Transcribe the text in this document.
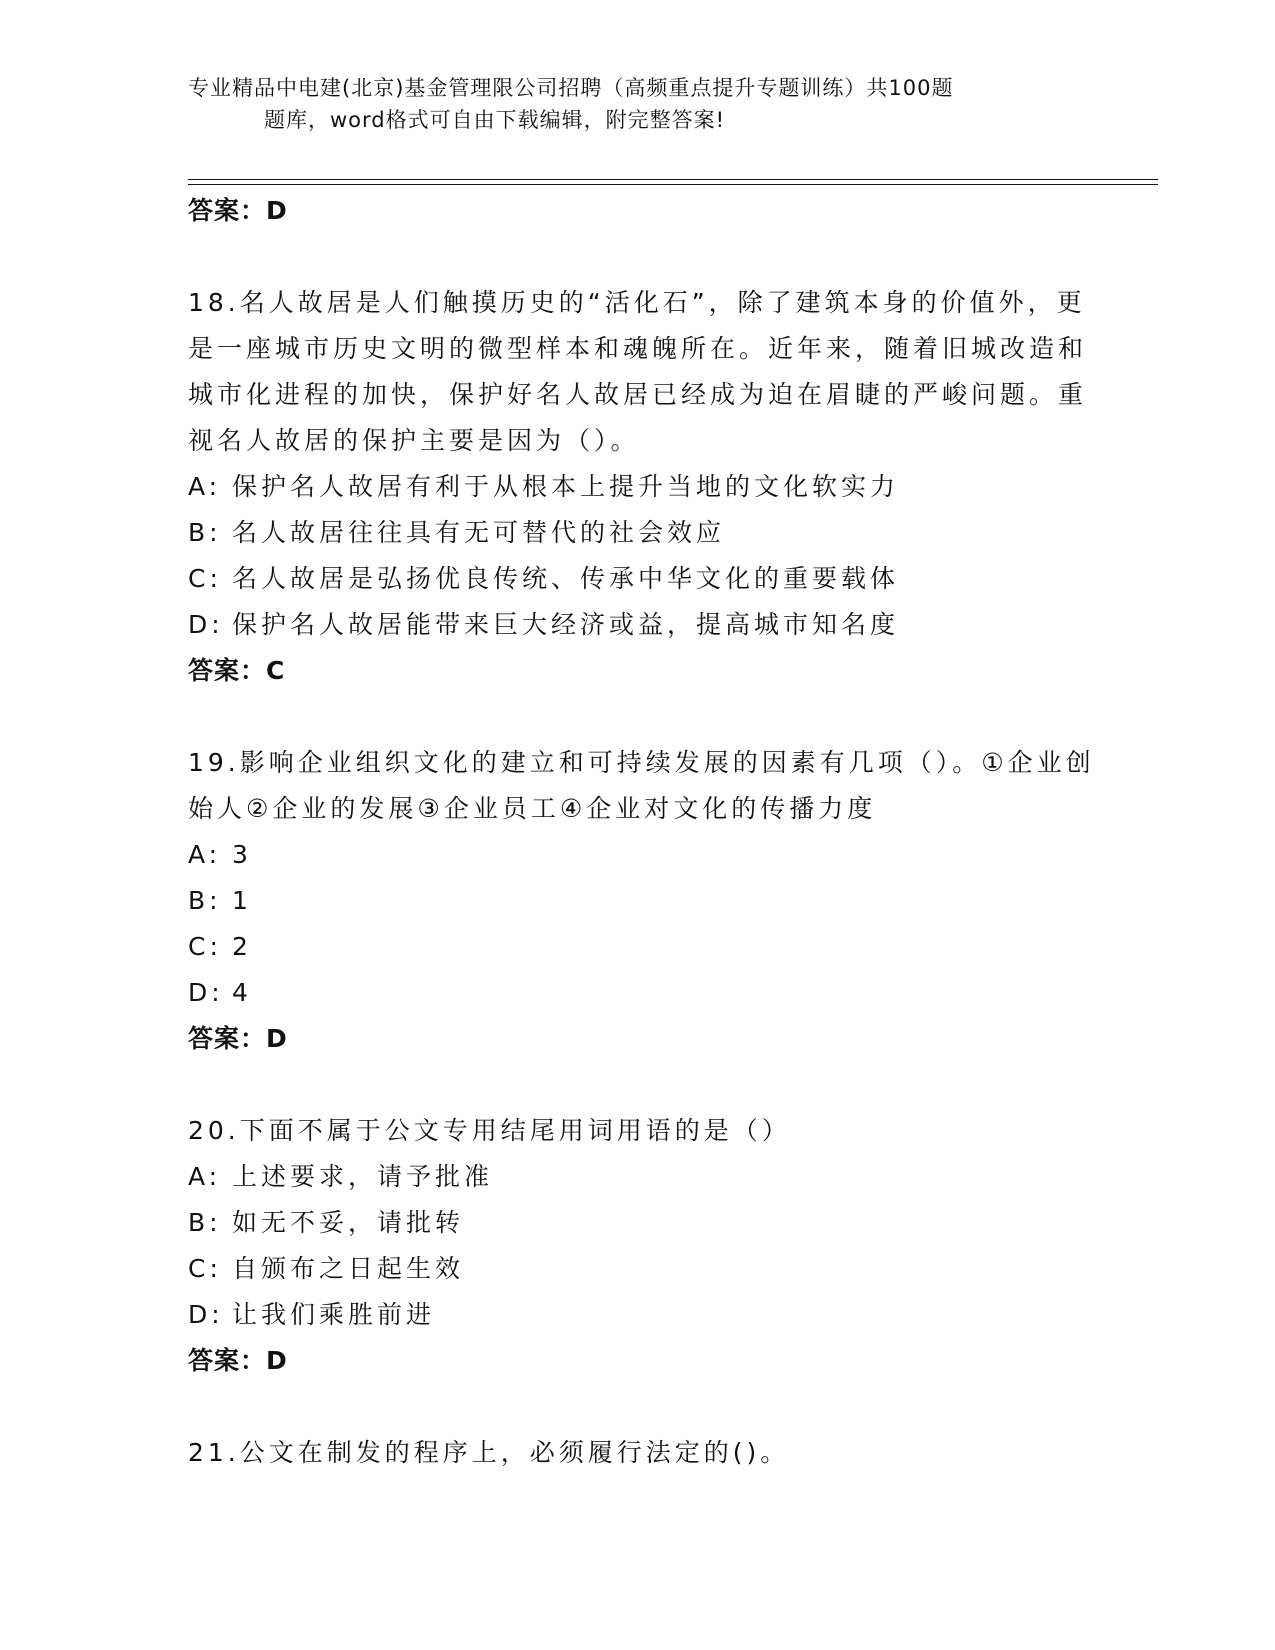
专业精品中电建(北京)基金管理限公司招聘（高频重点提升专题训练）共100题
题库，word格式可自由下载编辑，附完整答案!
答案：D
18.名人故居是人们触摸历史的“活化石”，除了建筑本身的价值外，更是一座城市历史文明的微型样本和魂魄所在。近年来，随着旧城改造和城市化进程的加快，保护好名人故居已经成为迫在眉睫的严峻问题。重视名人故居的保护主要是因为（）。
A: 保护名人故居有利于从根本上提升当地的文化软实力
B: 名人故居往往具有无可替代的社会效应
C: 名人故居是弘扬优良传统、传承中华文化的重要载体
D: 保护名人故居能带来巨大经济或益，提高城市知名度
答案：C
19.影响企业组织文化的建立和可持续发展的因素有几项（）。①企业创始人②企业的发展③企业员工④企业对文化的传播力度
A: 3
B: 1
C: 2
D: 4
答案：D
20.下面不属于公文专用结尾用词用语的是（）
A: 上述要求，请予批准
B: 如无不妥，请批转
C: 自颁布之日起生效
D: 让我们乘胜前进
答案：D
21.公文在制发的程序上，必须履行法定的()。
